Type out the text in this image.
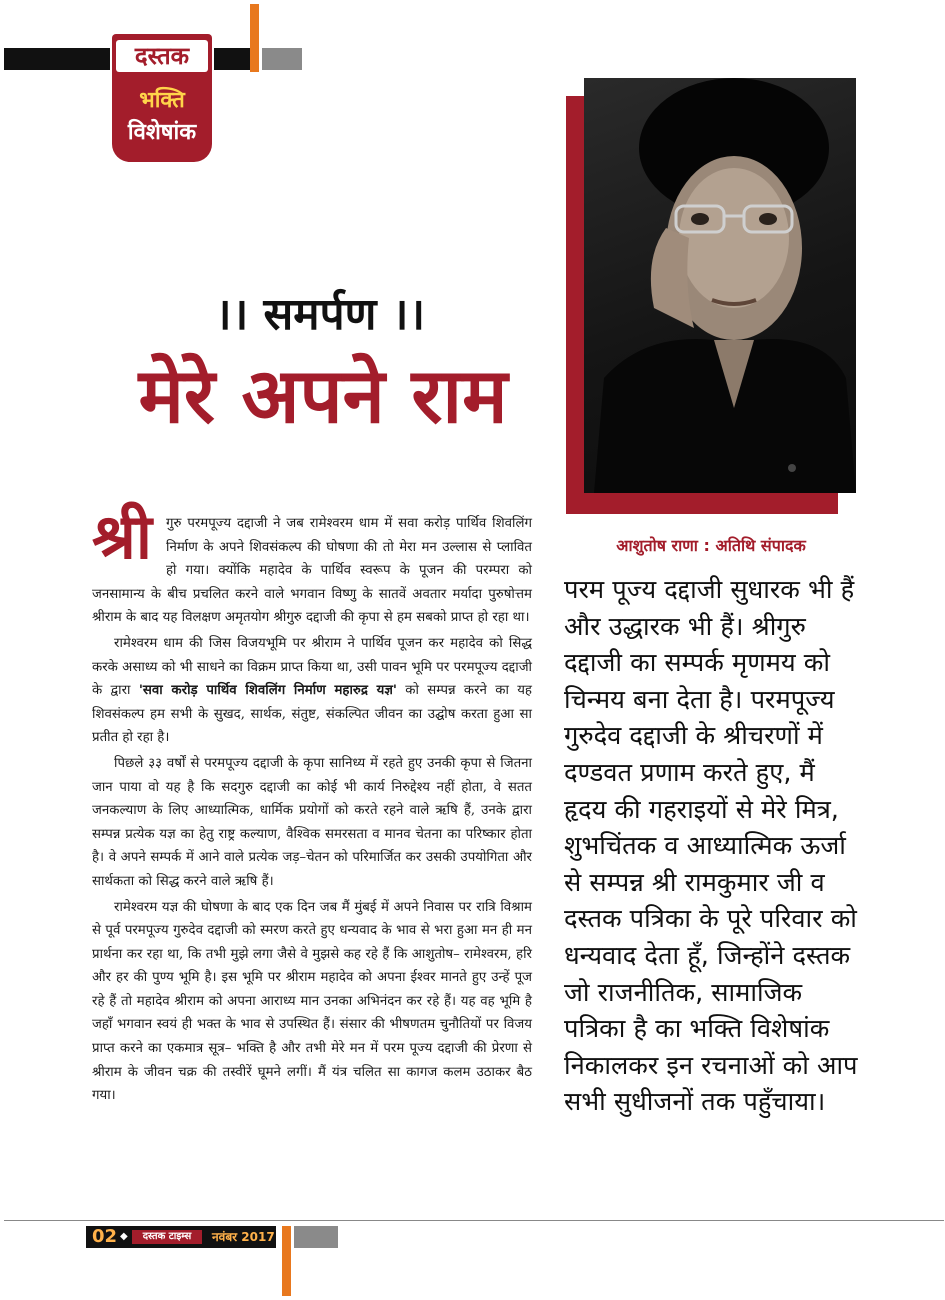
दस्तक
भक्ति
विशेषांक
।। समर्पण ।।
मेरे अपने राम
आशुतोष राणा : अतिथि संपादक
श्री	गुरु परमपूज्य दद्दाजी ने जब रामेश्वरम धाम में सवा करोड़ पार्थिव शिवलिंग निर्माण के अपने शिवसंकल्प की घोषणा की तो मेरा मन उल्लास से प्लावित हो गया। क्योंकि महादेव के पार्थिव स्वरूप के पूजन की परम्परा को जनसामान्य के बीच प्रचलित करने वाले भगवान विष्णु के सातवें अवतार मर्यादा पुरुषोत्तम श्रीराम के बाद यह विलक्षण अमृतयोग श्रीगुरु दद्दाजी की कृपा से हम सबको प्राप्त हो रहा था।

रामेश्वरम धाम की जिस विजयभूमि पर श्रीराम ने पार्थिव पूजन कर महादेव को सिद्ध करके असाध्य को भी साधने का विक्रम प्राप्त किया था, उसी पावन भूमि पर परमपूज्य दद्दाजी के द्वारा 'सवा करोड़ पार्थिव शिवलिंग निर्माण महारुद्र यज्ञ' को सम्पन्न करने का यह शिवसंकल्प हम सभी के सुखद, सार्थक, संतुष्ट, संकल्पित जीवन का उद्घोष करता हुआ सा प्रतीत हो रहा है।

पिछले ३३ वर्षों से परमपूज्य दद्दाजी के कृपा सानिध्य में रहते हुए उनकी कृपा से जितना जान पाया वो यह है कि सदगुरु दद्दाजी का कोई भी कार्य निरुद्देश्य नहीं होता, वे सतत जनकल्याण के लिए आध्यात्मिक, धार्मिक प्रयोगों को करते रहने वाले ऋषि हैं, उनके द्वारा सम्पन्न प्रत्येक यज्ञ का हेतु राष्ट्र कल्याण, वैश्विक समरसता व मानव चेतना का परिष्कार होता है। वे अपने सम्पर्क में आने वाले प्रत्येक जड़–चेतन को परिमार्जित कर उसकी उपयोगिता और सार्थकता को सिद्ध करने वाले ऋषि हैं।

रामेश्वरम यज्ञ की घोषणा के बाद एक दिन जब मैं मुंबई में अपने निवास पर रात्रि विश्राम से पूर्व परमपूज्य गुरुदेव दद्दाजी को स्मरण करते हुए धन्यवाद के भाव से भरा हुआ मन ही मन प्रार्थना कर रहा था, कि तभी मुझे लगा जैसे वे मुझसे कह रहे हैं कि आशुतोष– रामेश्वरम, हरि और हर की पुण्य भूमि है। इस भूमि पर श्रीराम महादेव को अपना ईश्वर मानते हुए उन्हें पूज रहे हैं तो महादेव श्रीराम को अपना आराध्य मान उनका अभिनंदन कर रहे हैं। यह वह भूमि है जहाँ भगवान स्वयं ही भक्त के भाव से उपस्थित हैं। संसार की भीषणतम चुनौतियों पर विजय प्राप्त करने का एकमात्र सूत्र– भक्ति है और तभी मेरे मन में परम पूज्य दद्दाजी की प्रेरणा से श्रीराम के जीवन चक्र की तस्वीरें घूमने लगीं। मैं यंत्र चलित सा कागज कलम उठाकर बैठ गया।

परम पूज्य दद्दाजी सुधारक भी हैं और उद्धारक भी हैं। श्रीगुरु दद्दाजी का सम्पर्क मृणमय को चिन्मय बना देता है। परमपूज्य गुरुदेव दद्दाजी के श्रीचरणों में दण्डवत प्रणाम करते हुए, मैं हृदय की गहराइयों से मेरे मित्र, शुभचिंतक व आध्यात्मिक ऊर्जा से सम्पन्न श्री रामकुमार जी व दस्तक पत्रिका के पूरे परिवार को धन्यवाद देता हूँ, जिन्होंने दस्तक जो राजनीतिक, सामाजिक पत्रिका है का भक्ति विशेषांक निकालकर इन रचनाओं को आप सभी सुधीजनों तक पहुँचाया।
02 ◆	दस्तक टाइम्स	नवंबर 2017
